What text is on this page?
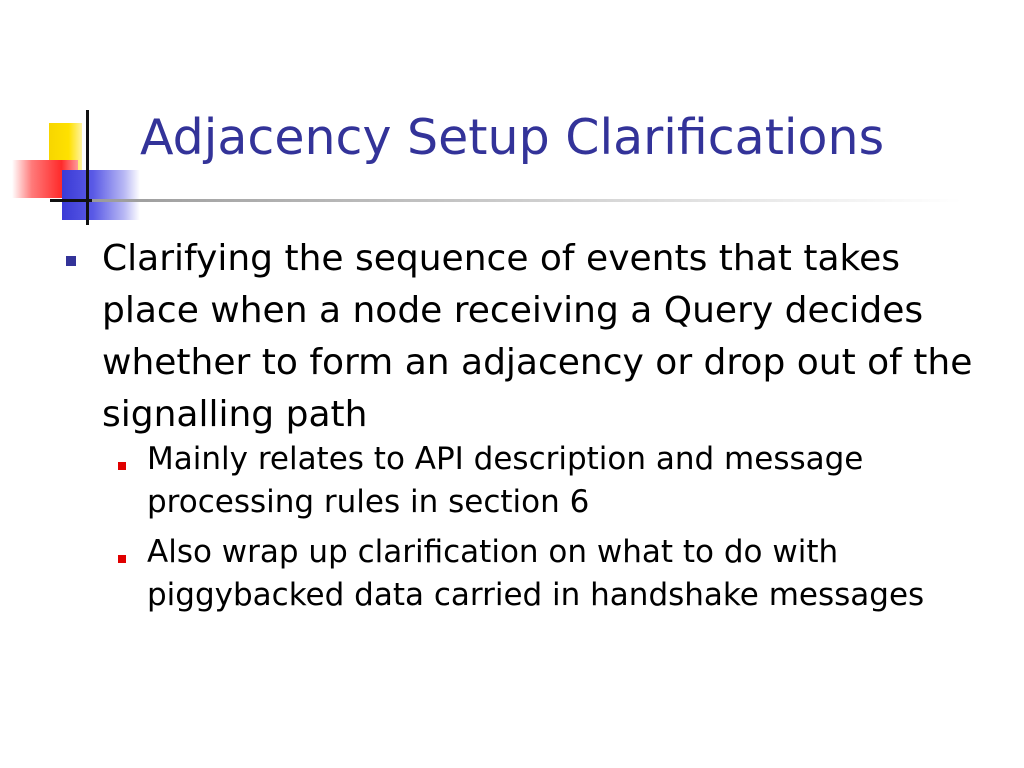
Adjacency Setup Clarifications

Clarifying the sequence of events that takes place when a node receiving a Query decides whether to form an adjacency or drop out of the signalling path

Mainly relates to API description and message processing rules in section 6

Also wrap up clarification on what to do with piggybacked data carried in handshake messages
